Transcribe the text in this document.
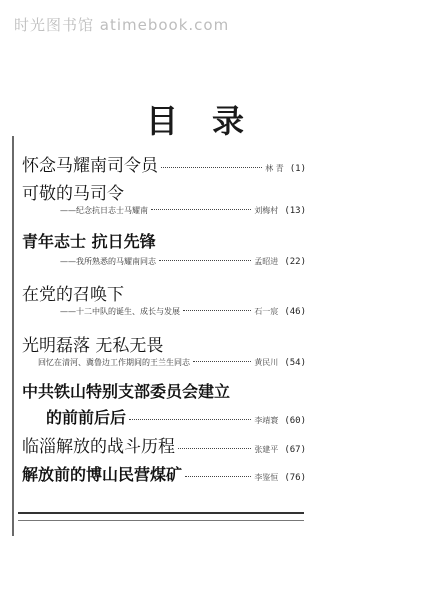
时光图书馆 atimebook.com
目录
怀念马耀南司令员	林 青 (1)
可敬的马司令
——纪念抗日志士马耀南	刘梅村 (13)
青年志士 抗日先锋
——我所熟悉的马耀南同志	孟昭进 (22)
在党的召唤下
——十二中队的诞生、成长与发展	石一宸 (46)
光明磊落 无私无畏
回忆在清河、冀鲁边工作期间的王兰生同志	黄民川 (54)
中共铁山特别支部委员会建立
的前前后后	李靖寰 (60)
临淄解放的战斗历程	张建平 (67)
解放前的博山民营煤矿	李鉴恒 (76)
